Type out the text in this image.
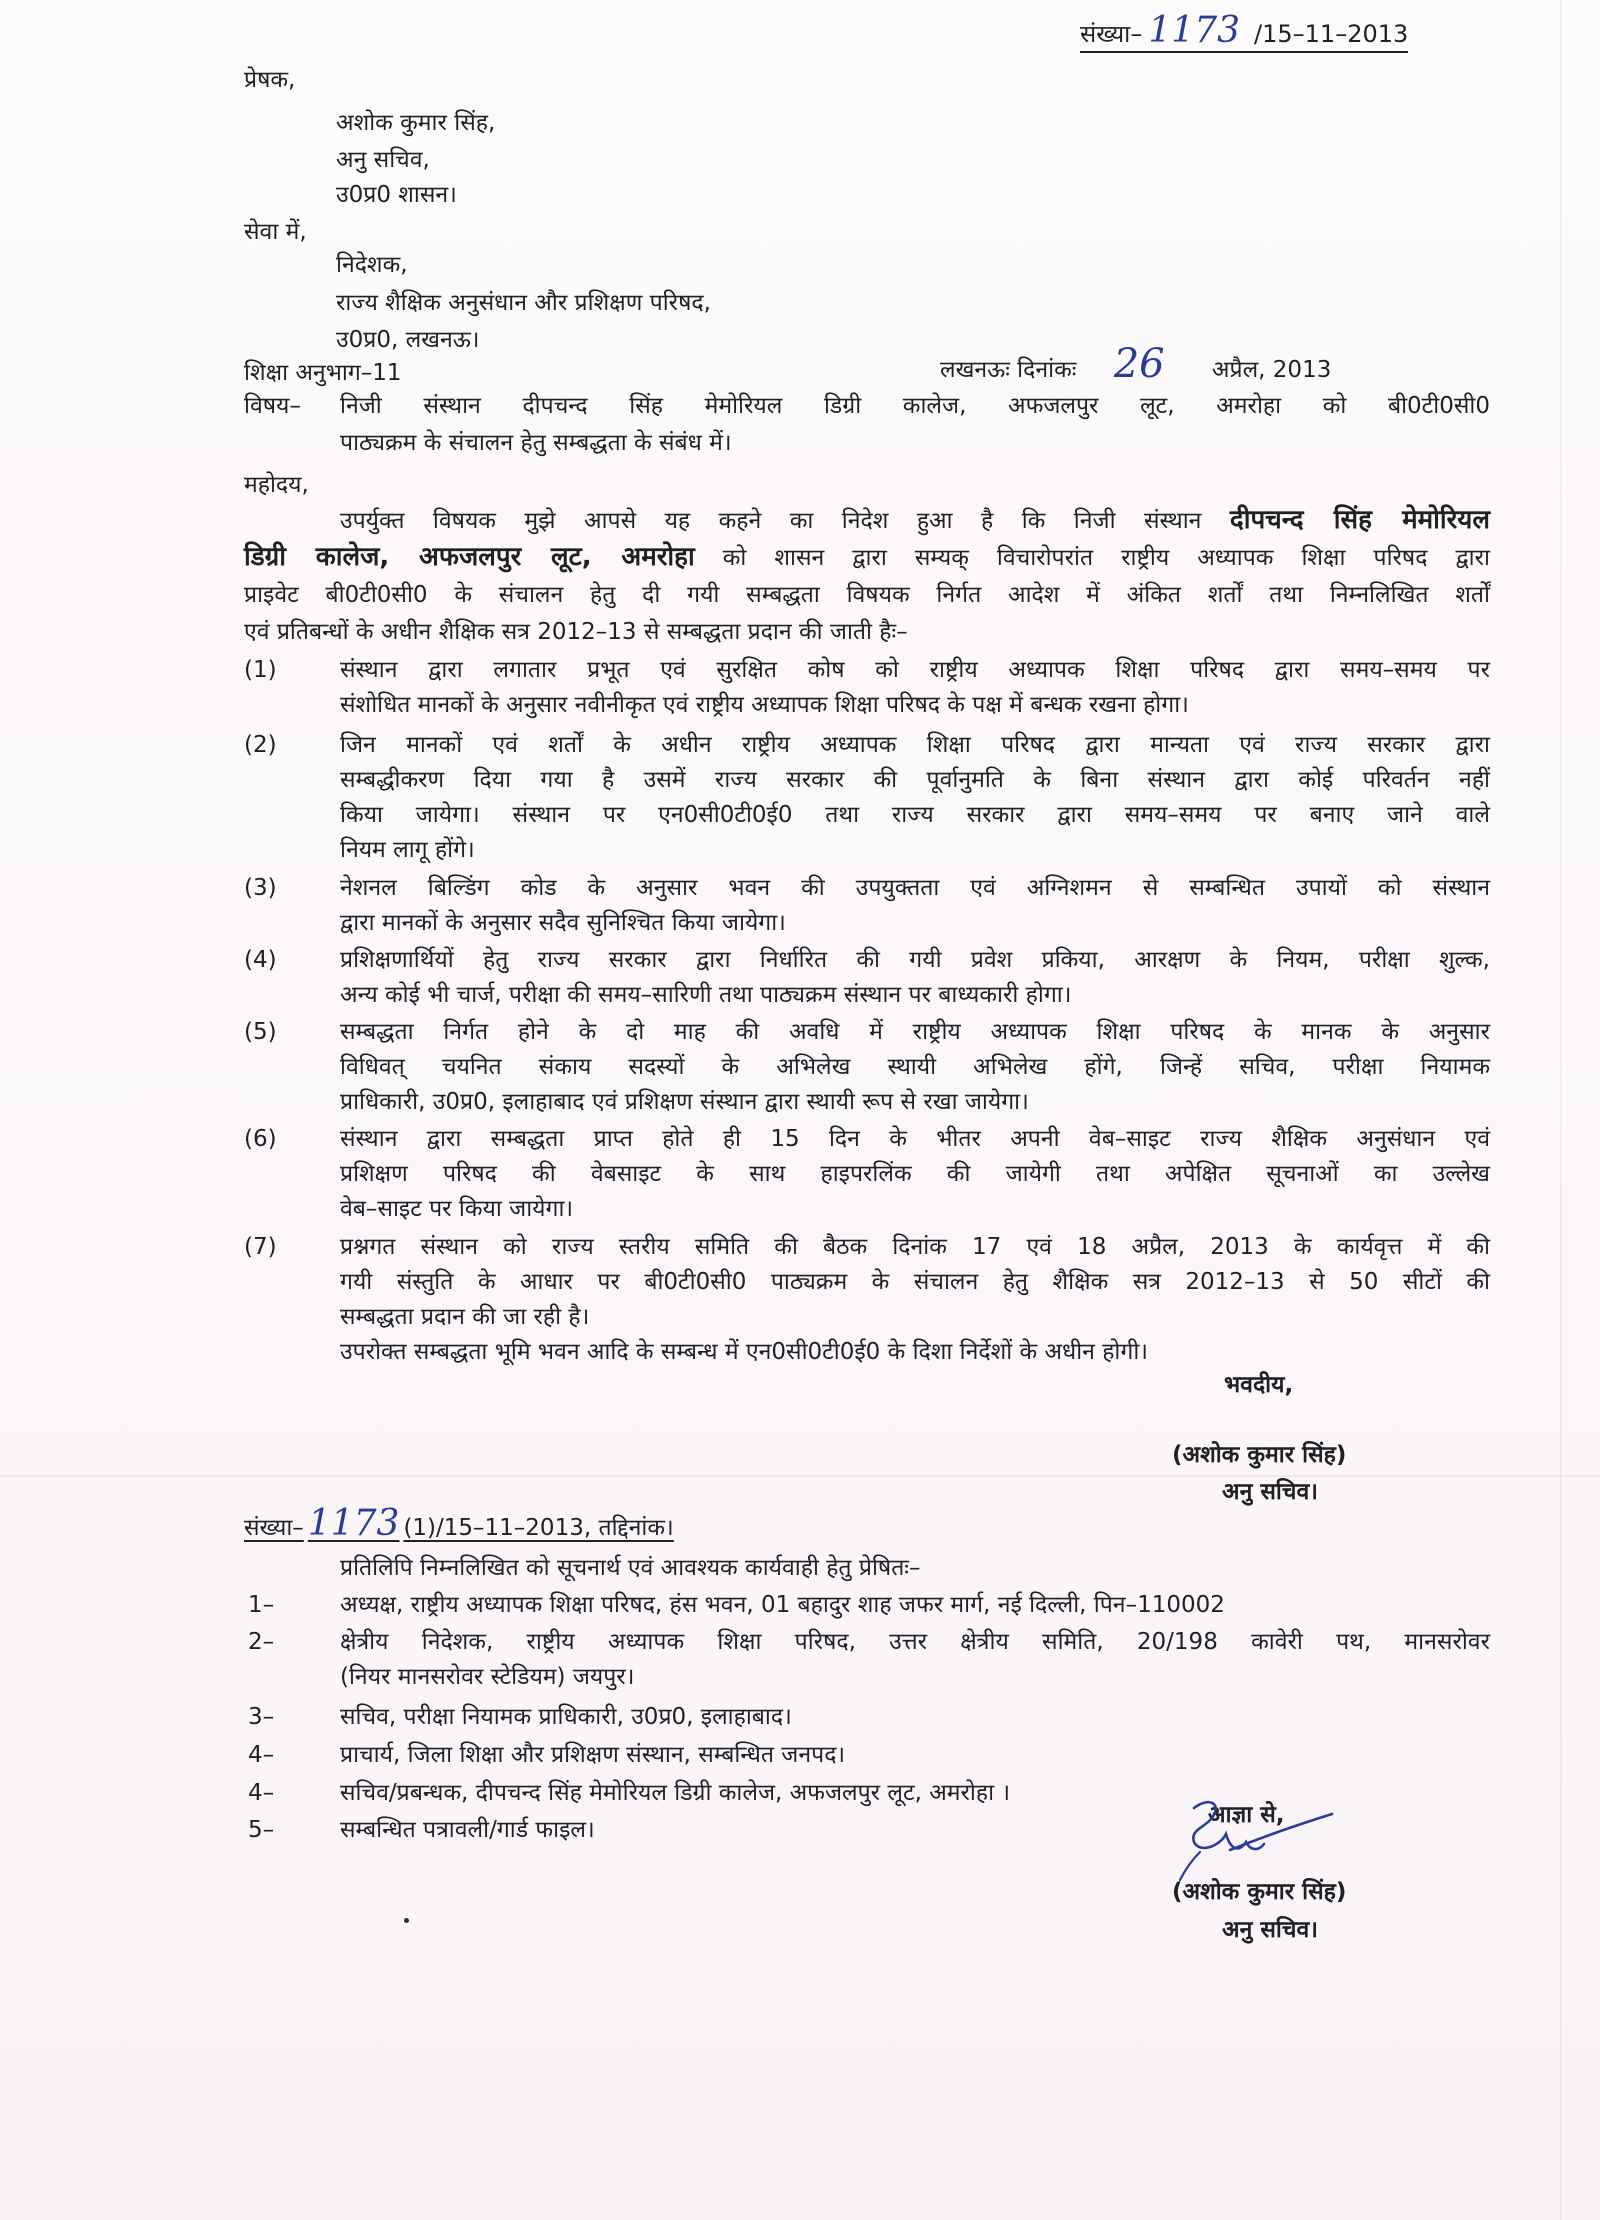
संख्या– 1173 /15–11–2013
प्रेषक,
अशोक कुमार सिंह,
अनु सचिव,
उ0प्र0 शासन।
सेवा में,
निदेशक,
राज्य शैक्षिक अनुसंधान और प्रशिक्षण परिषद,
उ0प्र0, लखनऊ।
शिक्षा अनुभाग–11	लखनऊः दिनांकः 26 अप्रैल, 2013
विषय– निजी संस्थान दीपचन्द सिंह मेमोरियल डिग्री कालेज, अफजलपुर लूट, अमरोहा को बी0टी0सी0
पाठ्यक्रम के संचालन हेतु सम्बद्धता के संबंध में।
महोदय,
उपर्युक्त विषयक मुझे आपसे यह कहने का निदेश हुआ है कि निजी संस्थान दीपचन्द सिंह मेमोरियल
डिग्री कालेज, अफजलपुर लूट, अमरोहा को शासन द्वारा सम्यक् विचारोपरांत राष्ट्रीय अध्यापक शिक्षा परिषद द्वारा
प्राइवेट बी0टी0सी0 के संचालन हेतु दी गयी सम्बद्धता विषयक निर्गत आदेश में अंकित शर्तों तथा निम्नलिखित शर्तों
एवं प्रतिबन्धों के अधीन शैक्षिक सत्र 2012–13 से सम्बद्धता प्रदान की जाती हैः–
(1)	संस्थान द्वारा लगातार प्रभूत एवं सुरक्षित कोष को राष्ट्रीय अध्यापक शिक्षा परिषद द्वारा समय–समय पर
संशोधित मानकों के अनुसार नवीनीकृत एवं राष्ट्रीय अध्यापक शिक्षा परिषद के पक्ष में बन्धक रखना होगा।
(2)	जिन मानकों एवं शर्तों के अधीन राष्ट्रीय अध्यापक शिक्षा परिषद द्वारा मान्यता एवं राज्य सरकार द्वारा
सम्बद्धीकरण दिया गया है उसमें राज्य सरकार की पूर्वानुमति के बिना संस्थान द्वारा कोई परिवर्तन नहीं
किया जायेगा। संस्थान पर एन0सी0टी0ई0 तथा राज्य सरकार द्वारा समय–समय पर बनाए जाने वाले
नियम लागू होंगे।
(3)	नेशनल बिल्डिंग कोड के अनुसार भवन की उपयुक्तता एवं अग्निशमन से सम्बन्धित उपायों को संस्थान
द्वारा मानकों के अनुसार सदैव सुनिश्चित किया जायेगा।
(4)	प्रशिक्षणार्थियों हेतु राज्य सरकार द्वारा निर्धारित की गयी प्रवेश प्रकिया, आरक्षण के नियम, परीक्षा शुल्क,
अन्य कोई भी चार्ज, परीक्षा की समय–सारिणी तथा पाठ्यक्रम संस्थान पर बाध्यकारी होगा।
(5)	सम्बद्धता निर्गत होने के दो माह की अवधि में राष्ट्रीय अध्यापक शिक्षा परिषद के मानक के अनुसार
विधिवत् चयनित संकाय सदस्यों के अभिलेख स्थायी अभिलेख होंगे, जिन्हें सचिव, परीक्षा नियामक
प्राधिकारी, उ0प्र0, इलाहाबाद एवं प्रशिक्षण संस्थान द्वारा स्थायी रूप से रखा जायेगा।
(6)	संस्थान द्वारा सम्बद्धता प्राप्त होते ही 15 दिन के भीतर अपनी वेब–साइट राज्य शैक्षिक अनुसंधान एवं
प्रशिक्षण परिषद की वेबसाइट के साथ हाइपरलिंक की जायेगी तथा अपेक्षित सूचनाओं का उल्लेख
वेब–साइट पर किया जायेगा।
(7)	प्रश्नगत संस्थान को राज्य स्तरीय समिति की बैठक दिनांक 17 एवं 18 अप्रैल, 2013 के कार्यवृत्त में की
गयी संस्तुति के आधार पर बी0टी0सी0 पाठ्यक्रम के संचालन हेतु शैक्षिक सत्र 2012–13 से 50 सीटों की
सम्बद्धता प्रदान की जा रही है।
उपरोक्त सम्बद्धता भूमि भवन आदि के सम्बन्ध में एन0सी0टी0ई0 के दिशा निर्देशों के अधीन होगी।
भवदीय,
(अशोक कुमार सिंह)
अनु सचिव।
संख्या– 1173 (1)/15–11–2013, तद्दिनांक।
प्रतिलिपि निम्नलिखित को सूचनार्थ एवं आवश्यक कार्यवाही हेतु प्रेषितः–
1–	अध्यक्ष, राष्ट्रीय अध्यापक शिक्षा परिषद, हंस भवन, 01 बहादुर शाह जफर मार्ग, नई दिल्ली, पिन–110002
2–	क्षेत्रीय निदेशक, राष्ट्रीय अध्यापक शिक्षा परिषद, उत्तर क्षेत्रीय समिति, 20/198 कावेरी पथ, मानसरोवर
(नियर मानसरोवर स्टेडियम) जयपुर।
3–	सचिव, परीक्षा नियामक प्राधिकारी, उ0प्र0, इलाहाबाद।
4–	प्राचार्य, जिला शिक्षा और प्रशिक्षण संस्थान, सम्बन्धित जनपद।
4–	सचिव/प्रबन्धक, दीपचन्द सिंह मेमोरियल डिग्री कालेज, अफजलपुर लूट, अमरोहा ।
5–	सम्बन्धित पत्रावली/गार्ड फाइल।
आज्ञा से,
(अशोक कुमार सिंह)
अनु सचिव।
